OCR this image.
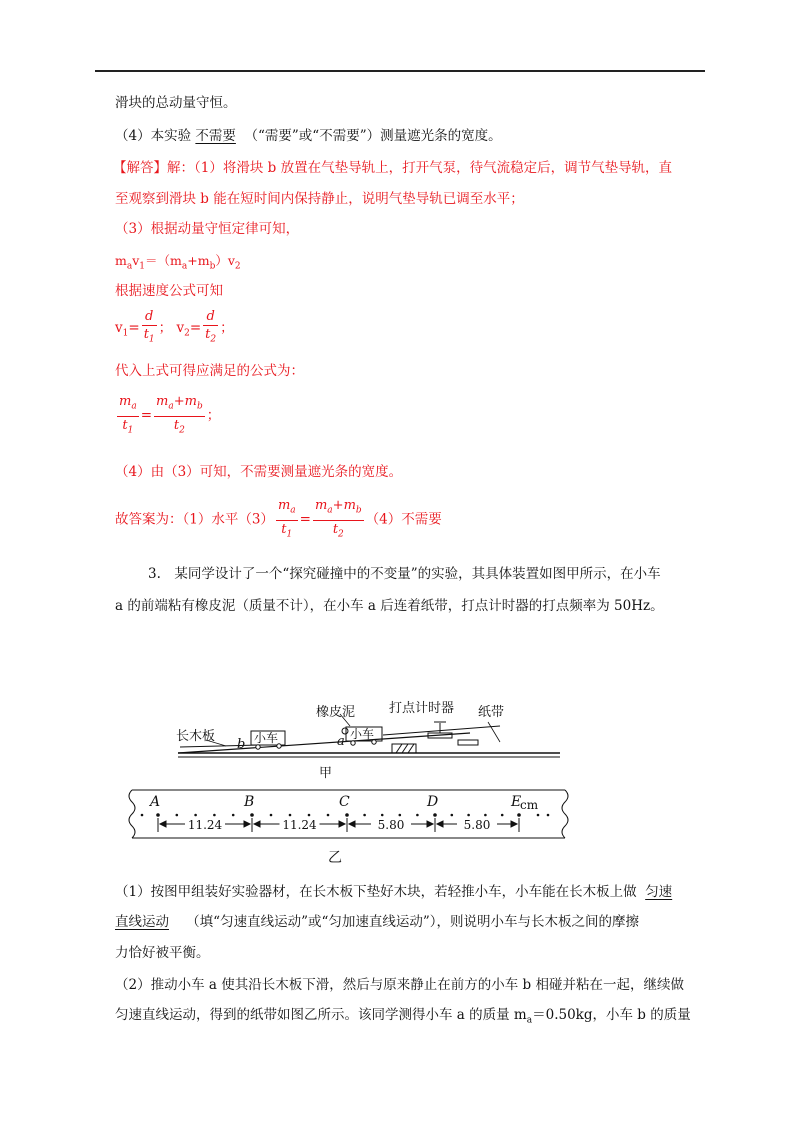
滑块的总动量守恒。
（4）本实验 不需要 （“需要”或“不需要”）测量遮光条的宽度。
【解答】解：（1）将滑块 b 放置在气垫导轨上，打开气泵，待气流稳定后，调节气垫导轨，直
至观察到滑块 b 能在短时间内保持静止，说明气垫导轨已调至水平；
（3）根据动量守恒定律可知，
$m_av_1=(m_a+m_b)v_2$
根据速度公式可知
$v_1= \frac{d}{t_1}$ ； $v_2= \frac{d}{t_2}$ ；
代入上式可得应满足的公式为：
$\frac{m_a}{t_1} = \frac{m_a+m_b}{t_2}$ ；
（4）由（3）可知，不需要测量遮光条的宽度。
故答案为：（1）水平$(3) \frac{m_a}{t_1} = \frac{m_a+m_b}{t_2} (4)$不需要
3.　某同学设计了一个“探究碰撞中的不变量”的实验，其具体装置如图甲所示，在小车
a 的前端粘有橡皮泥（质量不计），在小车 a 后连着纸带，打点计时器的打点频率为 50Hz。
长木板
b 小车	a 小车
橡皮泥	打点计时器 纸带
甲
11.24	11.24	5.80	5.80
A	B	C	D	E
cm
乙
（1）按图甲组装好实验器材，在长木板下垫好木块，若轻推小车，小车能在长木板上做 匀速
直线运动 （填“匀速直线运动”或“匀加速直线运动”），则说明小车与长木板之间的摩擦
力恰好被平衡。
（2）推动小车 a 使其沿长木板下滑，然后与原来静止在前方的小车 b 相碰并粘在一起，继续做
匀速直线运动，得到的纸带如图乙所示。该同学测得小车 a 的质量 $m_a=0.50kg$，小车 b 的质量
